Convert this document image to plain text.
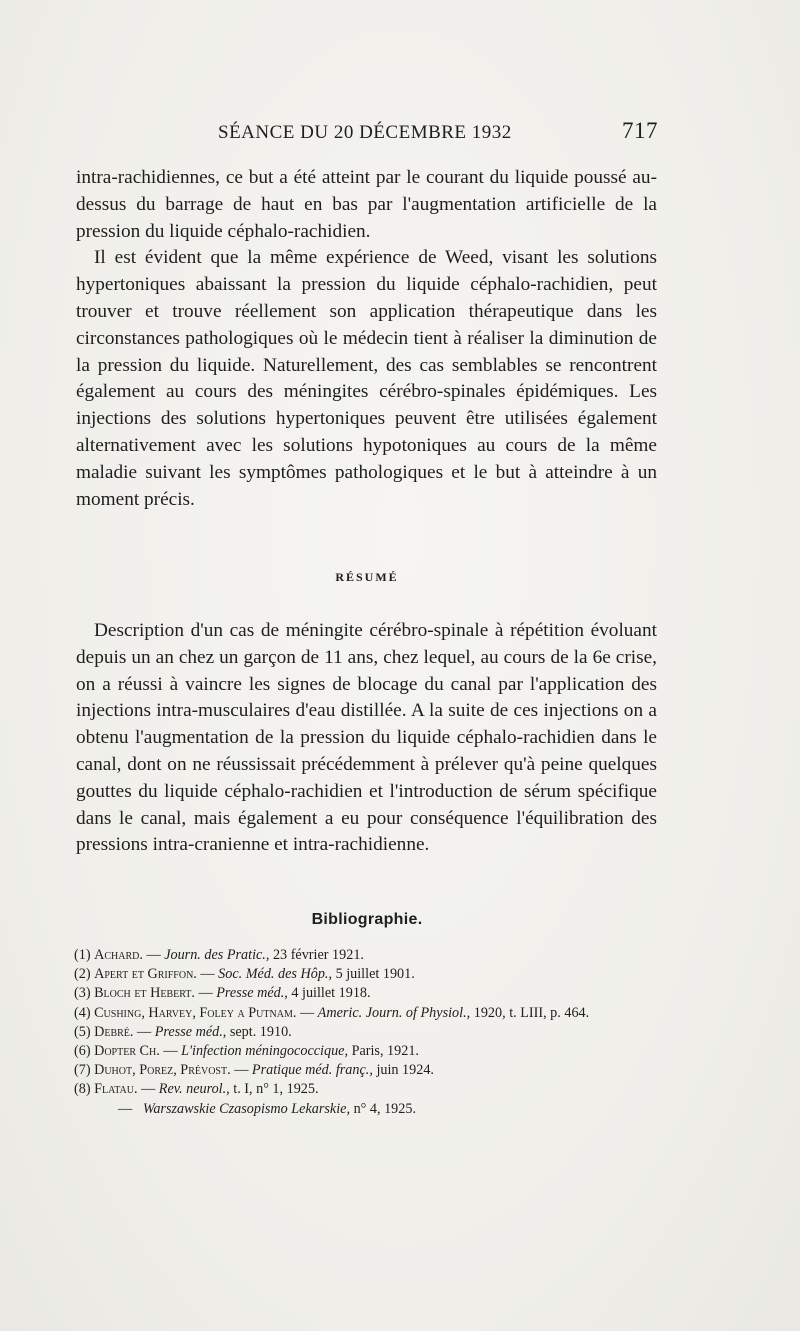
SÉANCE DU 20 DÉCEMBRE 1932	717

intra-rachidiennes, ce but a été atteint par le courant du liquide poussé au-dessus du barrage de haut en bas par l'augmentation artificielle de la pression du liquide céphalo-rachidien.

Il est évident que la même expérience de Weed, visant les solutions hypertoniques abaissant la pression du liquide céphalo-rachidien, peut trouver et trouve réellement son application thérapeutique dans les circonstances pathologiques où le médecin tient à réaliser la diminution de la pression du liquide. Naturellement, des cas semblables se rencontrent également au cours des méningites cérébro-spinales épidémiques. Les injections des solutions hypertoniques peuvent être utilisées également alternativement avec les solutions hypotoniques au cours de la même maladie suivant les symptômes pathologiques et le but à atteindre à un moment précis.

RÉSUMÉ

Description d'un cas de méningite cérébro-spinale à répétition évoluant depuis un an chez un garçon de 11 ans, chez lequel, au cours de la 6e crise, on a réussi à vaincre les signes de blocage du canal par l'application des injections intra-musculaires d'eau distillée. A la suite de ces injections on a obtenu l'augmentation de la pression du liquide céphalo-rachidien dans le canal, dont on ne réussissait précédemment à prélever qu'à peine quelques gouttes du liquide céphalo-rachidien et l'introduction de sérum spécifique dans le canal, mais également a eu pour conséquence l'équilibration des pressions intra-cranienne et intra-rachidienne.

Bibliographie.
(1) Achard. — Journ. des Pratic., 23 février 1921.
(2) Apert et Griffon. — Soc. Méd. des Hôp., 5 juillet 1901.
(3) Bloch et Hebert. — Presse méd., 4 juillet 1918.
(4) Cushing, Harvey, Foley a Putnam. — Americ. Journ. of Physiol., 1920, t. LIII, p. 464.
(5) Debré. — Presse méd., sept. 1910.
(6) Dopter Ch. — L'infection méningococcique, Paris, 1921.
(7) Duhot, Porez, Prévost. — Pratique méd. franç., juin 1924.
(8) Flatau. — Rev. neurol., t. I, n° 1, 1925.
— Warszawskie Czasopismo Lekarskie, n° 4, 1925.
